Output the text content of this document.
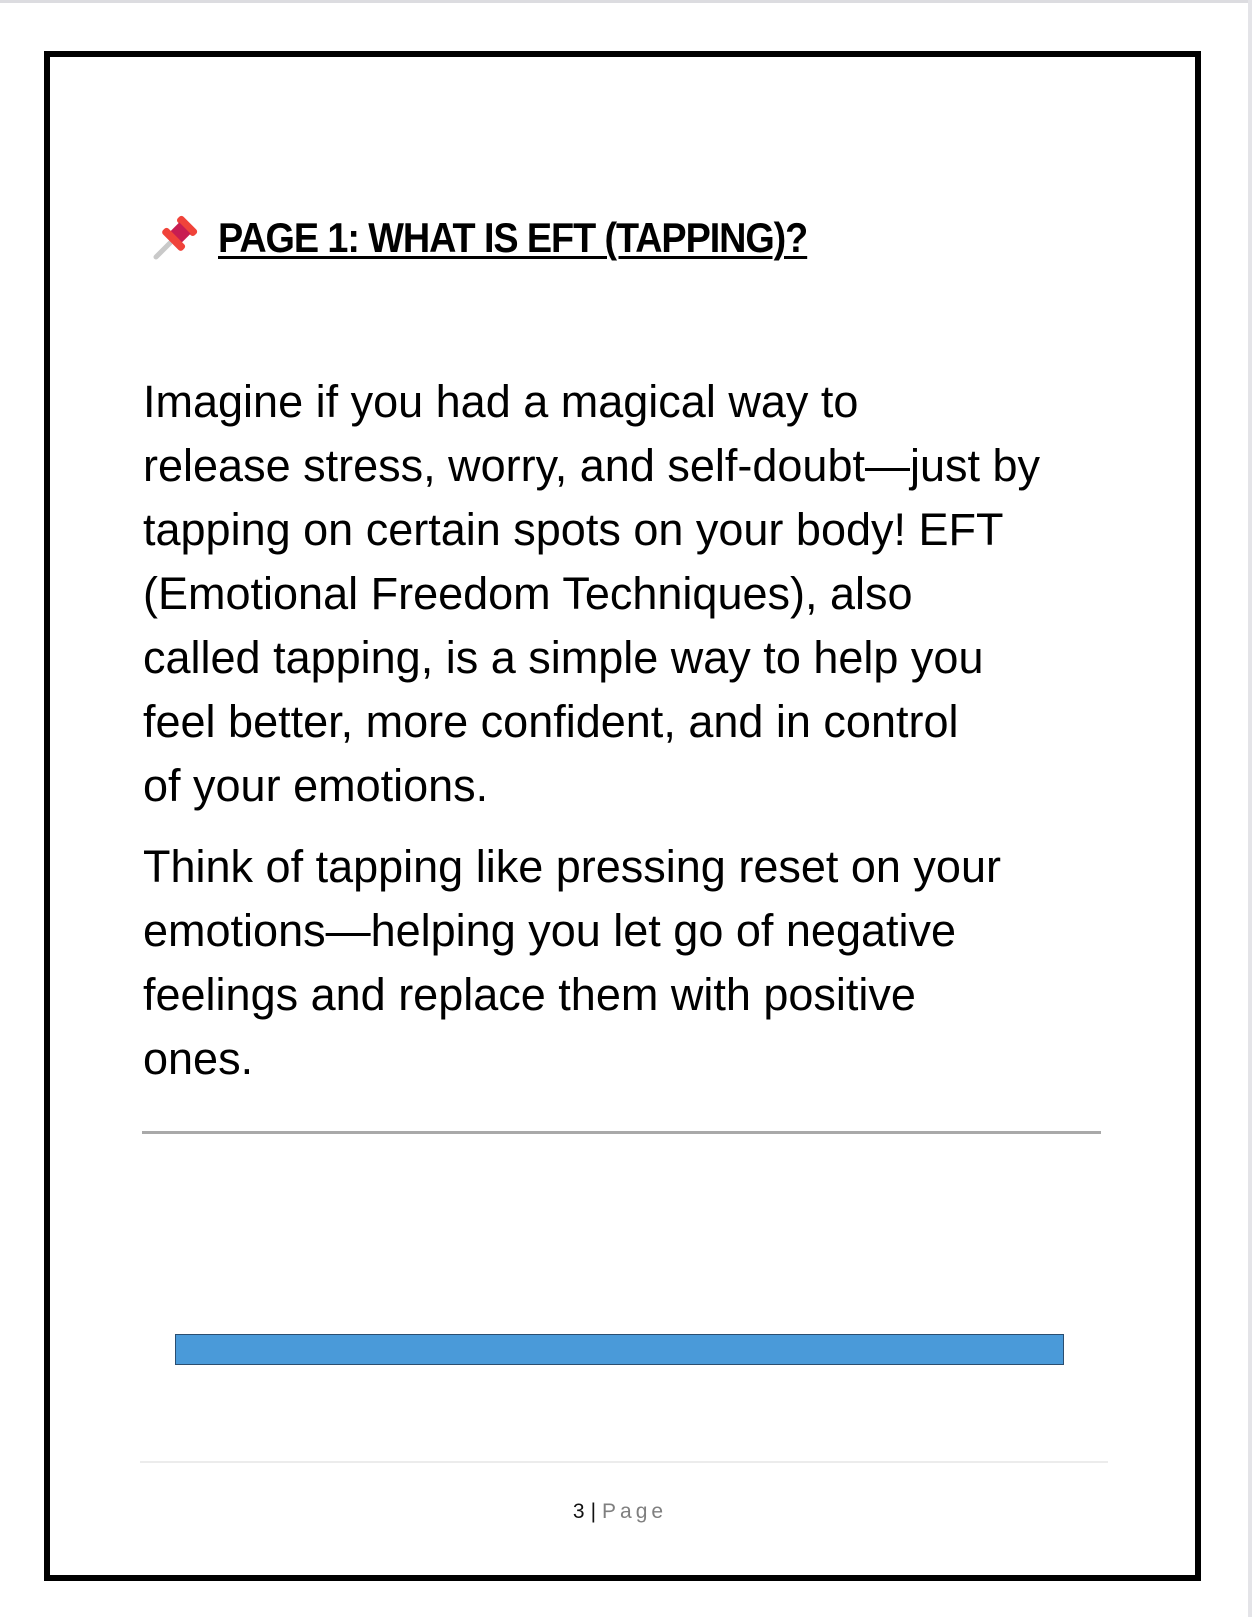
PAGE 1: WHAT IS EFT (TAPPING)?
Imagine if you had a magical way to
release stress, worry, and self-doubt—just by
tapping on certain spots on your body! EFT
(Emotional Freedom Techniques), also
called tapping, is a simple way to help you
feel better, more confident, and in control
of your emotions.
Think of tapping like pressing reset on your
emotions—helping you let go of negative
feelings and replace them with positive
ones.
3 | Page
